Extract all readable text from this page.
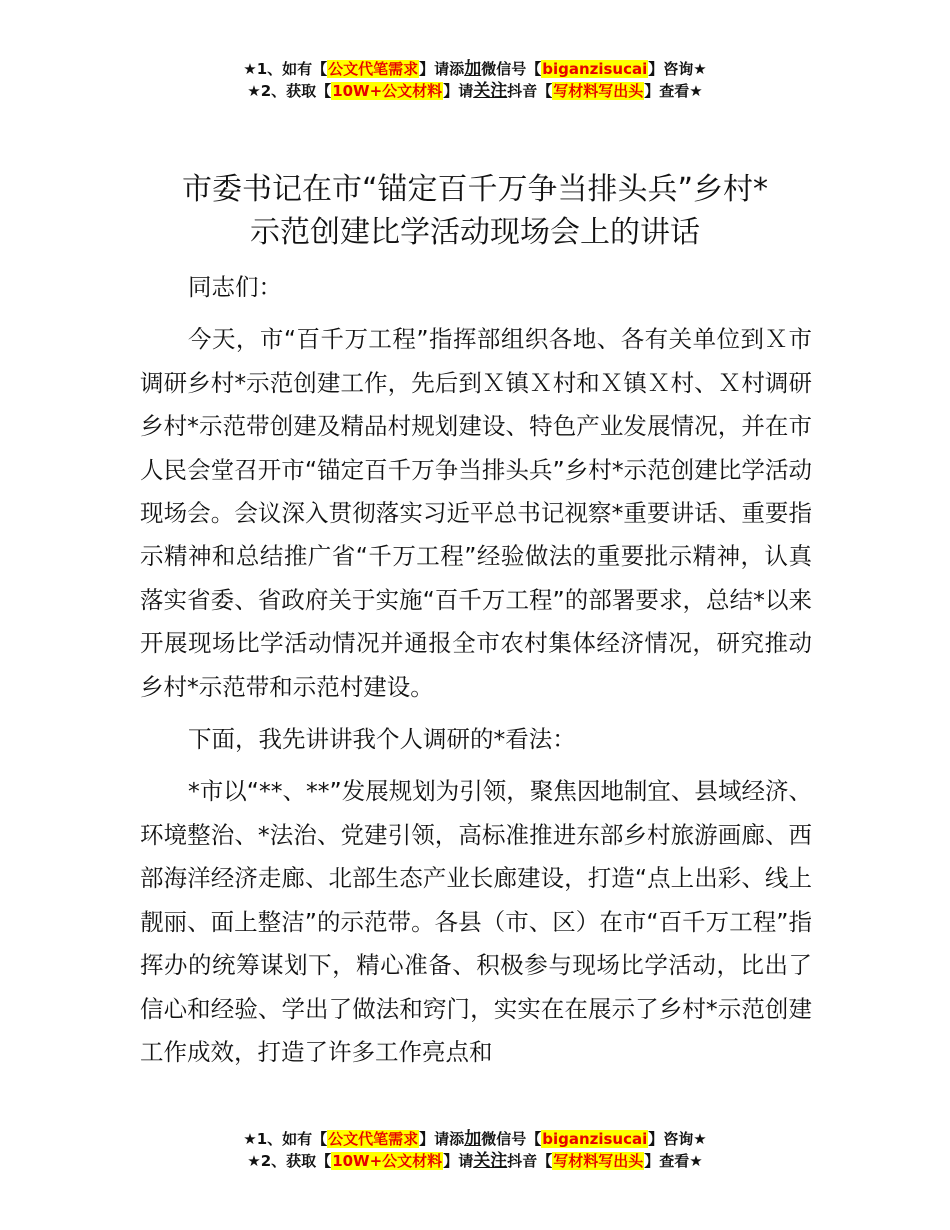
★1、如有【公文代笔需求】请添加微信号【biganzisucai】咨询★
★2、获取【10W+公文材料】请关注抖音【写材料写出头】查看★
市委书记在市“锚定百千万争当排头兵”乡村*
示范创建比学活动现场会上的讲话

同志们：

今天，市“百千万工程”指挥部组织各地、各有关单位到Ｘ市调研乡村*示范创建工作，先后到Ｘ镇Ｘ村和Ｘ镇Ｘ村、Ｘ村调研乡村*示范带创建及精品村规划建设、特色产业发展情况，并在市人民会堂召开市“锚定百千万争当排头兵”乡村*示范创建比学活动现场会。会议深入贯彻落实习近平总书记视察*重要讲话、重要指示精神和总结推广省“千万工程”经验做法的重要批示精神，认真落实省委、省政府关于实施“百千万工程”的部署要求，总结*以来开展现场比学活动情况并通报全市农村集体经济情况，研究推动乡村*示范带和示范村建设。

下面，我先讲讲我个人调研的*看法：

*市以“**、**”发展规划为引领，聚焦因地制宜、县域经济、环境整治、*法治、党建引领，高标准推进东部乡村旅游画廊、西部海洋经济走廊、北部生态产业长廊建设，打造“点上出彩、线上靓丽、面上整洁”的示范带。各县（市、区）在市“百千万工程”指挥办的统筹谋划下，精心准备、积极参与现场比学活动，比出了信心和经验、学出了做法和窍门，实实在在展示了乡村*示范创建工作成效，打造了许多工作亮点和

★1、如有【公文代笔需求】请添加微信号【biganzisucai】咨询★
★2、获取【10W+公文材料】请关注抖音【写材料写出头】查看★
